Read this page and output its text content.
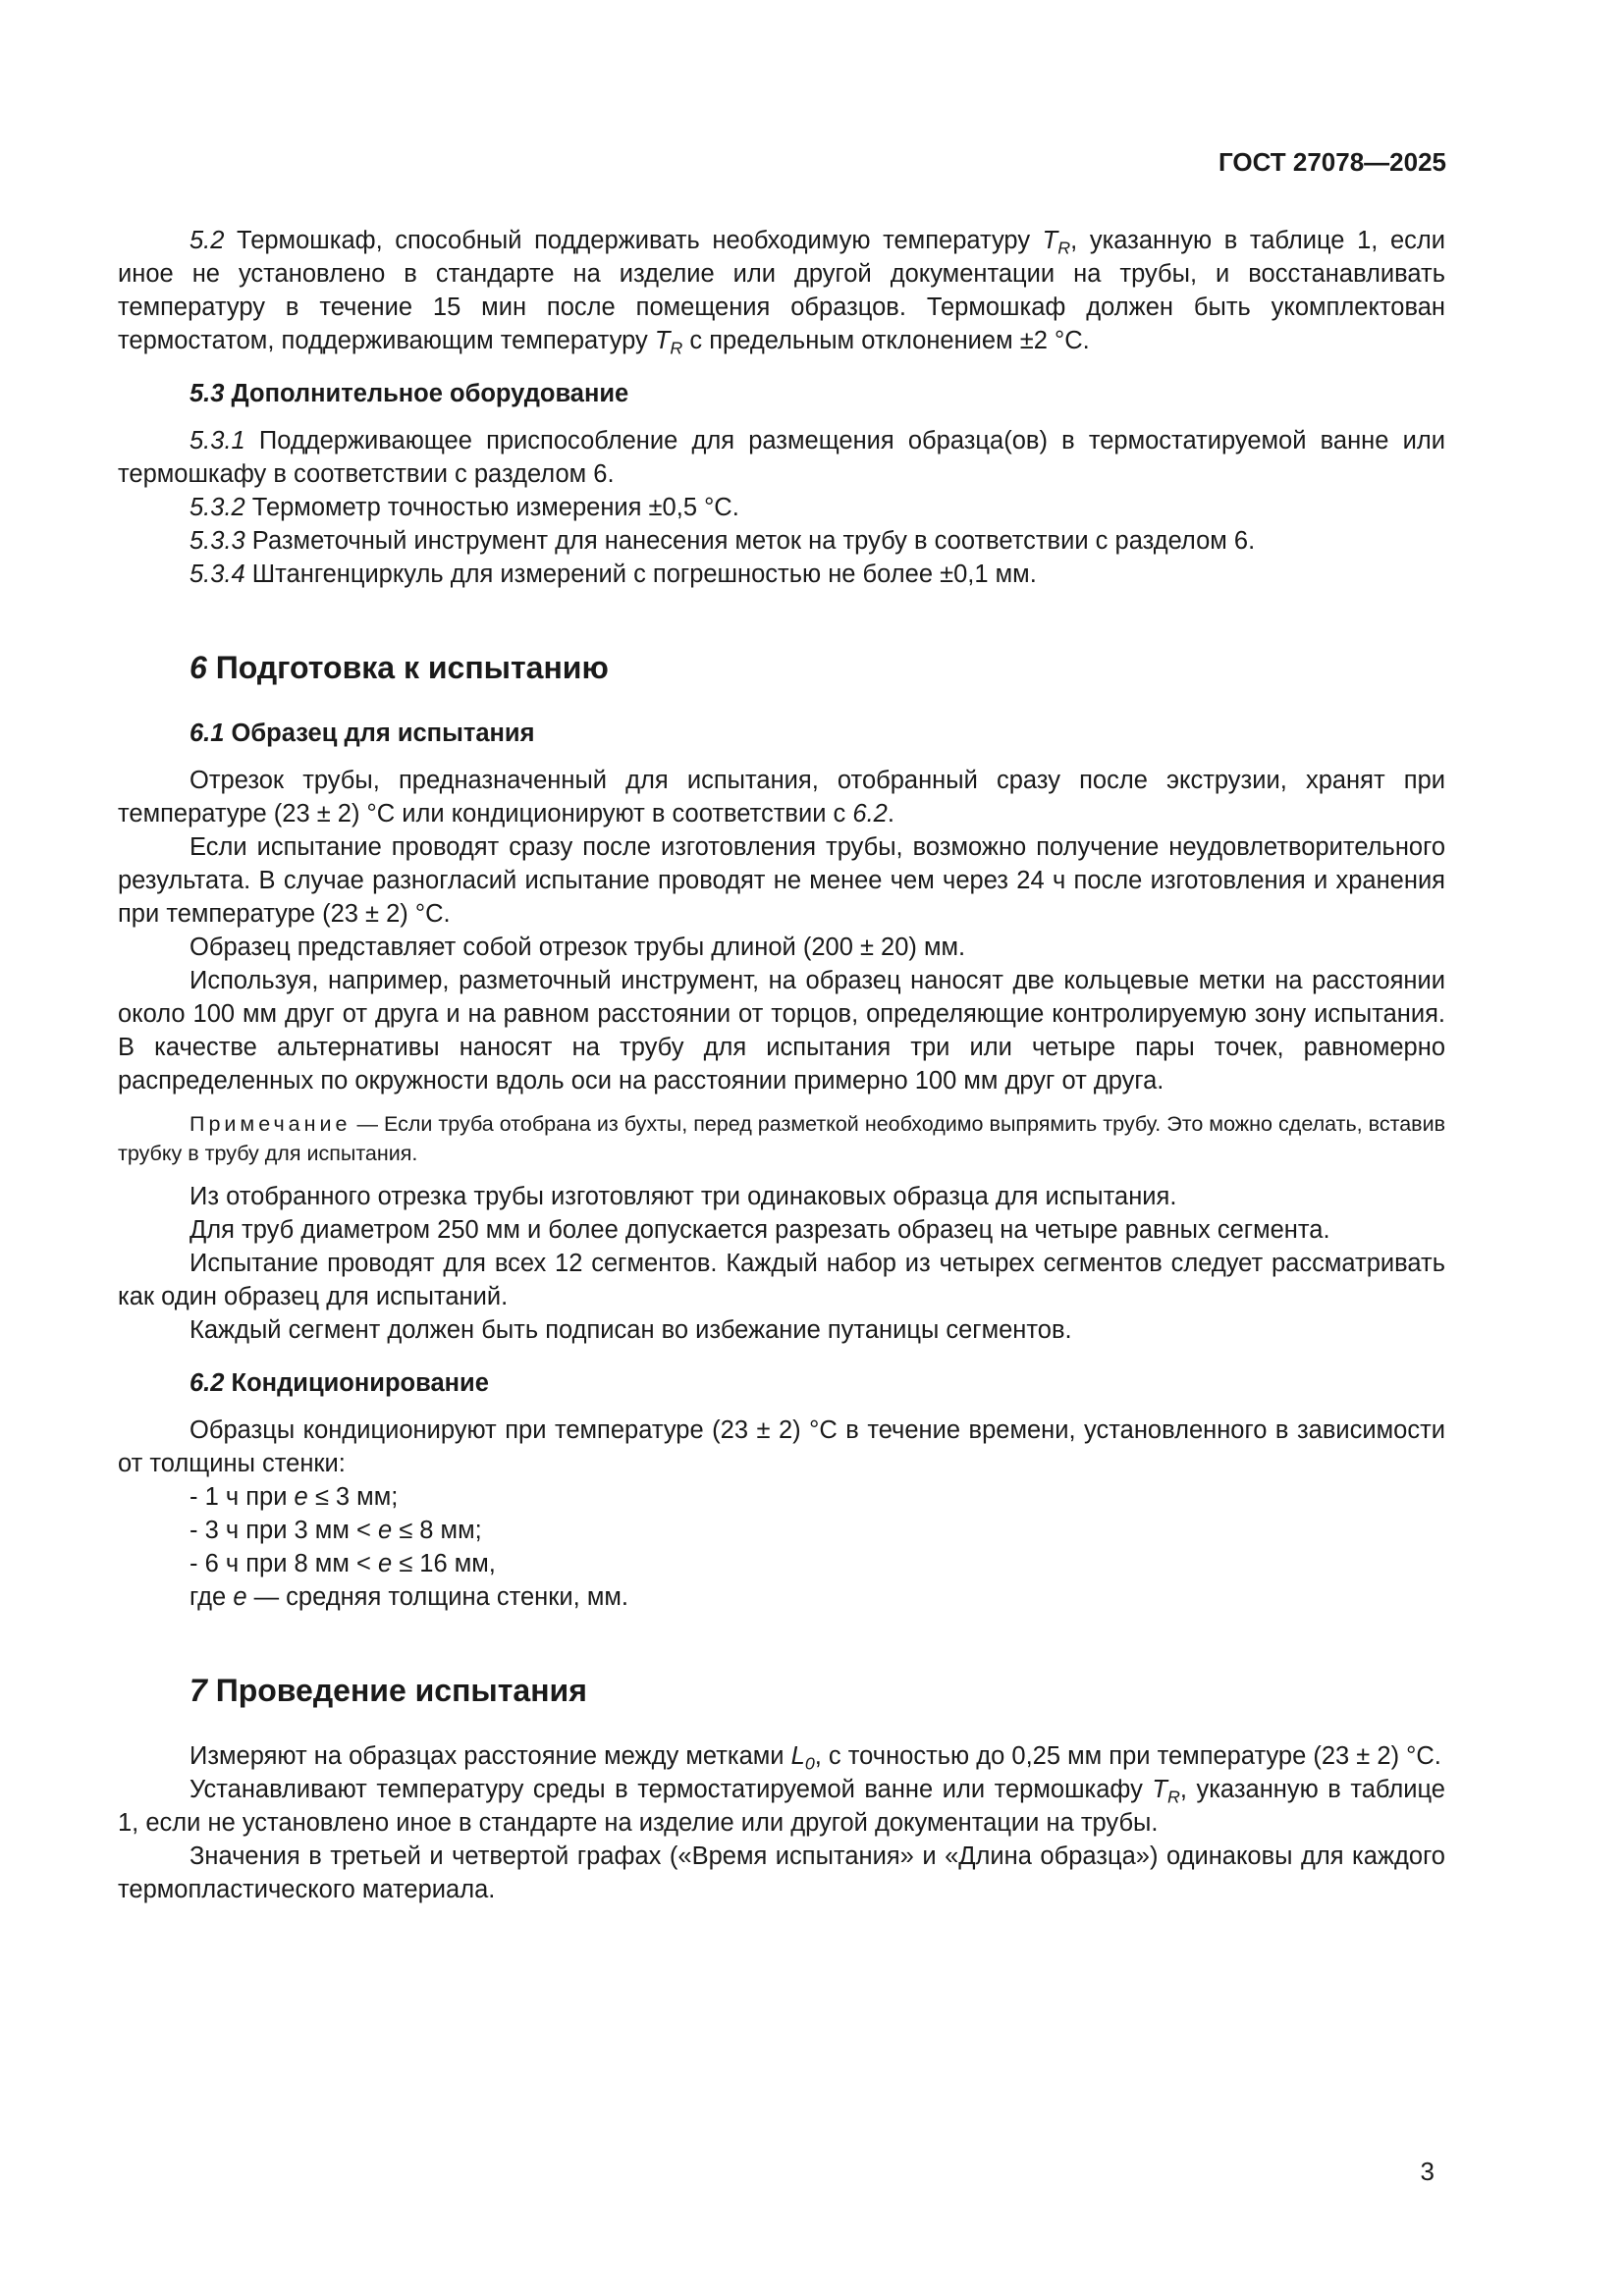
ГОСТ 27078—2025

5.2 Термошкаф, способный поддерживать необходимую температуру $T_R$, указанную в таблице 1, если иное не установлено в стандарте на изделие или другой документации на трубы, и восстанавливать температуру в течение 15 мин после помещения образцов. Термошкаф должен быть укомплектован термостатом, поддерживающим температуру $T_R$ с предельным отклонением ±2 °С.

5.3 Дополнительное оборудование

5.3.1 Поддерживающее приспособление для размещения образца(ов) в термостатируемой ванне или термошкафу в соответствии с разделом 6.

5.3.2 Термометр точностью измерения ±0,5 °С.

5.3.3 Разметочный инструмент для нанесения меток на трубу в соответствии с разделом 6.

5.3.4 Штангенциркуль для измерений с погрешностью не более ±0,1 мм.

6 Подготовка к испытанию

6.1 Образец для испытания

Отрезок трубы, предназначенный для испытания, отобранный сразу после экструзии, хранят при температуре (23 ± 2) °С или кондиционируют в соответствии с 6.2.

Если испытание проводят сразу после изготовления трубы, возможно получение неудовлетворительного результата. В случае разногласий испытание проводят не менее чем через 24 ч после изготовления и хранения при температуре (23 ± 2) °С.

Образец представляет собой отрезок трубы длиной (200 ± 20) мм.

Используя, например, разметочный инструмент, на образец наносят две кольцевые метки на расстоянии около 100 мм друг от друга и на равном расстоянии от торцов, определяющие контролируемую зону испытания. В качестве альтернативы наносят на трубу для испытания три или четыре пары точек, равномерно распределенных по окружности вдоль оси на расстоянии примерно 100 мм друг от друга.

Примечание — Если труба отобрана из бухты, перед разметкой необходимо выпрямить трубу. Это можно сделать, вставив трубку в трубу для испытания.

Из отобранного отрезка трубы изготовляют три одинаковых образца для испытания.

Для труб диаметром 250 мм и более допускается разрезать образец на четыре равных сегмента.

Испытание проводят для всех 12 сегментов. Каждый набор из четырех сегментов следует рассматривать как один образец для испытаний.

Каждый сегмент должен быть подписан во избежание путаницы сегментов.

6.2 Кондиционирование

Образцы кондиционируют при температуре (23 ± 2) °С в течение времени, установленного в зависимости от толщины стенки:

- 1 ч при e ≤ 3 мм;

- 3 ч при 3 мм < e ≤ 8 мм;

- 6 ч при 8 мм < e ≤ 16 мм,

где e — средняя толщина стенки, мм.

7 Проведение испытания

Измеряют на образцах расстояние между метками $L_0$, с точностью до 0,25 мм при температуре (23 ± 2) °С.

Устанавливают температуру среды в термостатируемой ванне или термошкафу $T_R$, указанную в таблице 1, если не установлено иное в стандарте на изделие или другой документации на трубы.

Значения в третьей и четвертой графах («Время испытания» и «Длина образца») одинаковы для каждого термопластического материала.

3
